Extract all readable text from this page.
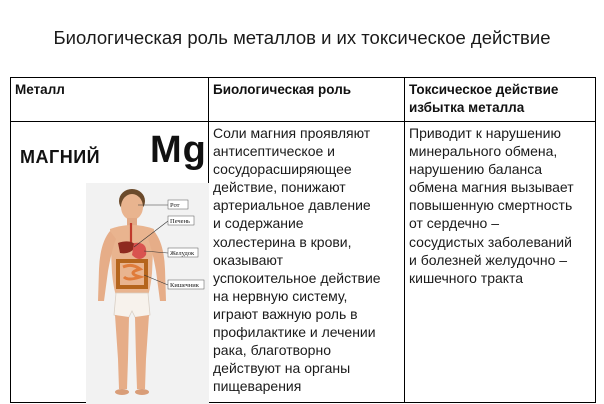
Биологическая роль металлов и их токсическое действие
Металл	Биологическая роль	Токсическое действие
избытка металла
МАГНИЙ Mg
Рот
Печень
Желудок
Кишечник
Соли магния проявляют
антисептическое и
сосудорасширяющее
действие, понижают
артериальное давление
и содержание
холестерина в крови,
оказывают
успокоительное действие
на нервную систему,
играют важную роль в
профилактике и лечении
рака, благотворно
действуют на органы
пищеварения
Приводит к нарушению
минерального обмена,
нарушению баланса
обмена магния вызывает
повышенную смертность
от сердечно –
сосудистых заболеваний
и болезней желудочно –
кишечного тракта
